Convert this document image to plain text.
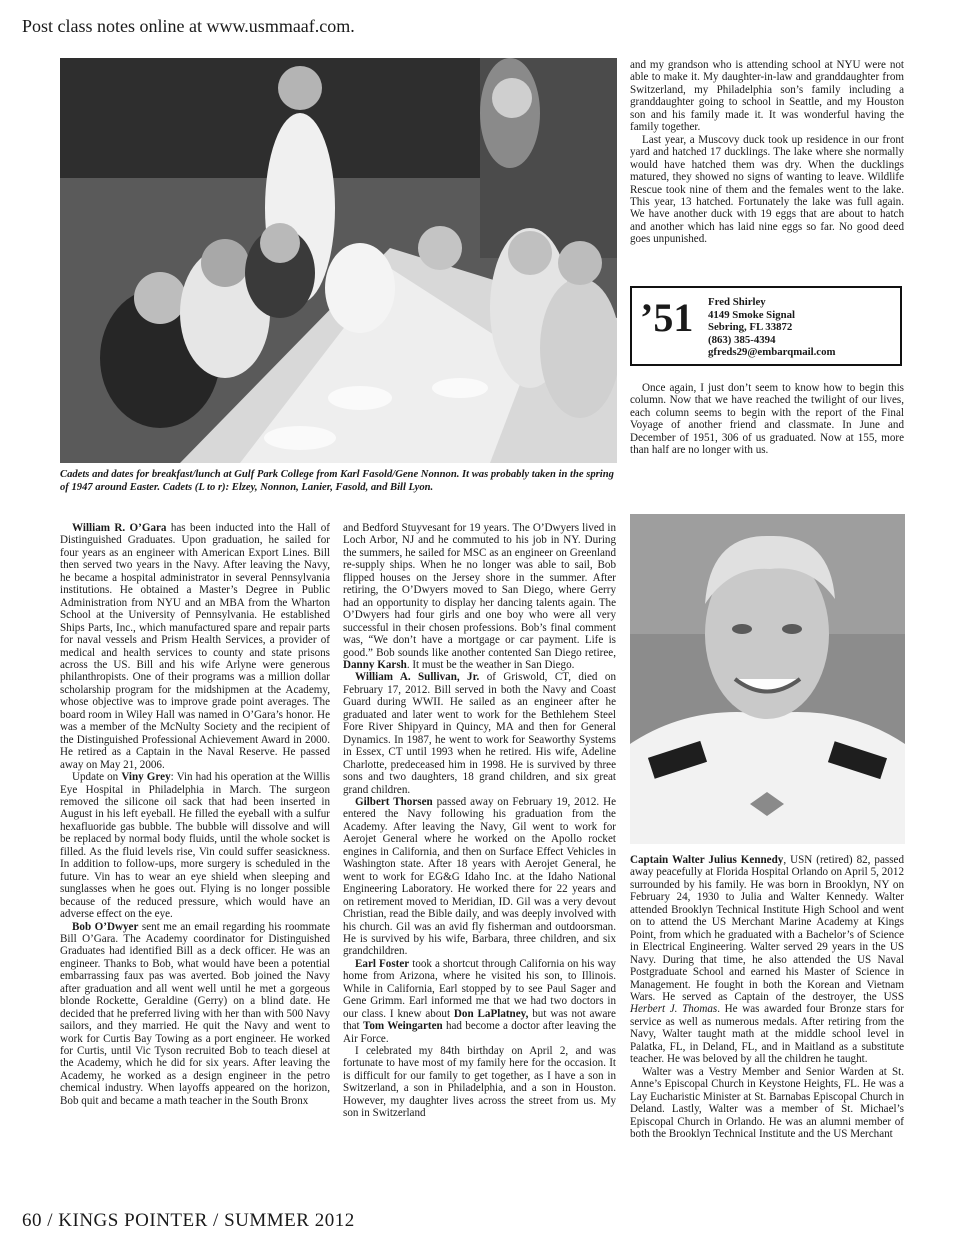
Post class notes online at www.usmmaaf.com.
Cadets and dates for breakfast/lunch at Gulf Park College from Karl Fasold/Gene Nonnon. It was probably taken in the spring of 1947 around Easter. Cadets (L to r): Elzey, Nonnon, Lanier, Fasold, and Bill Lyon.

William R. O’Gara has been inducted into the Hall of Distinguished Graduates. Upon graduation, he sailed for four years as an engineer with American Export Lines. Bill then served two years in the Navy. After leaving the Navy, he became a hospital administrator in several Pennsylvania institutions. He obtained a Master’s Degree in Public Administration from NYU and an MBA from the Wharton School at the University of Pennsylvania. He established Ships Parts, Inc., which manufactured spare and repair parts for naval vessels and Prism Health Services, a provider of medical and health services to county and state prisons across the US. Bill and his wife Arlyne were generous philanthropists. One of their programs was a million dollar scholarship program for the midshipmen at the Academy, whose objective was to improve grade point averages. The board room in Wiley Hall was named in O’Gara’s honor. He was a member of the McNulty Society and the recipient of the Distinguished Professional Achievement Award in 2000. He retired as a Captain in the Naval Reserve. He passed away on May 21, 2006.

Update on Viny Grey: Vin had his operation at the Willis Eye Hospital in Philadelphia in March. The surgeon removed the silicone oil sack that had been inserted in August in his left eyeball. He filled the eyeball with a sulfur hexafluoride gas bubble. The bubble will dissolve and will be replaced by normal body fluids, until the whole socket is filled. As the fluid levels rise, Vin could suffer seasickness. In addition to follow-ups, more surgery is scheduled in the future. Vin has to wear an eye shield when sleeping and sunglasses when he goes out. Flying is no longer possible because of the reduced pressure, which would have an adverse effect on the eye.

Bob O’Dwyer sent me an email regarding his roommate Bill O’Gara. The Academy coordinator for Distinguished Graduates had identified Bill as a deck officer. He was an engineer. Thanks to Bob, what would have been a potential embarrassing faux pas was averted. Bob joined the Navy after graduation and all went well until he met a gorgeous blonde Rockette, Geraldine (Gerry) on a blind date. He decided that he preferred living with her than with 500 Navy sailors, and they married. He quit the Navy and went to work for Curtis Bay Towing as a port engineer. He worked for Curtis, until Vic Tyson recruited Bob to teach diesel at the Academy, which he did for six years. After leaving the Academy, he worked as a design engineer in the petro chemical industry. When layoffs appeared on the horizon, Bob quit and became a math teacher in the South Bronx

and Bedford Stuyvesant for 19 years. The O’Dwyers lived in Loch Arbor, NJ and he commuted to his job in NY. During the summers, he sailed for MSC as an engineer on Greenland re-supply ships. When he no longer was able to sail, Bob flipped houses on the Jersey shore in the summer. After retiring, the O’Dwyers moved to San Diego, where Gerry had an opportunity to display her dancing talents again. The O’Dwyers had four girls and one boy who were all very successful in their chosen professions. Bob’s final comment was, “We don’t have a mortgage or car payment. Life is good.” Bob sounds like another contented San Diego retiree, Danny Karsh. It must be the weather in San Diego.

William A. Sullivan, Jr. of Griswold, CT, died on February 17, 2012. Bill served in both the Navy and Coast Guard during WWII. He sailed as an engineer after he graduated and later went to work for the Bethlehem Steel Fore River Shipyard in Quincy, MA and then for General Dynamics. In 1987, he went to work for Seaworthy Systems in Essex, CT until 1993 when he retired. His wife, Adeline Charlotte, predeceased him in 1998. He is survived by three sons and two daughters, 18 grand children, and six great grand children.

Gilbert Thorsen passed away on February 19, 2012. He entered the Navy following his graduation from the Academy. After leaving the Navy, Gil went to work for Aerojet General where he worked on the Apollo rocket engines in California, and then on Surface Effect Vehicles in Washington state. After 18 years with Aerojet General, he went to work for EG&G Idaho Inc. at the Idaho National Engineering Laboratory. He worked there for 22 years and on retirement moved to Meridian, ID. Gil was a very devout Christian, read the Bible daily, and was deeply involved with his church. Gil was an avid fly fisherman and outdoorsman. He is survived by his wife, Barbara, three children, and six grandchildren.

Earl Foster took a shortcut through California on his way home from Arizona, where he visited his son, to Illinois. While in California, Earl stopped by to see Paul Sager and Gene Grimm. Earl informed me that we had two doctors in our class. I knew about Don LaPlatney, but was not aware that Tom Weingarten had become a doctor after leaving the Air Force.

I celebrated my 84th birthday on April 2, and was fortunate to have most of my family here for the occasion. It is difficult for our family to get together, as I have a son in Switzerland, a son in Philadelphia, and a son in Houston. However, my daughter lives across the street from us. My son in Switzerland

and my grandson who is attending school at NYU were not able to make it. My daughter-in-law and granddaughter from Switzerland, my Philadelphia son’s family including a granddaughter going to school in Seattle, and my Houston son and his family made it. It was wonderful having the family together.

Last year, a Muscovy duck took up residence in our front yard and hatched 17 ducklings. The lake where she normally would have hatched them was dry. When the ducklings matured, they showed no signs of wanting to leave. Wildlife Rescue took nine of them and the females went to the lake. This year, 13 hatched. Fortunately the lake was full again. We have another duck with 19 eggs that are about to hatch and another which has laid nine eggs so far. No good deed goes unpunished.

’51 Fred Shirley
4149 Smoke Signal
Sebring, FL 33872
(863) 385-4394
gfreds29@embarqmail.com

Once again, I just don’t seem to know how to begin this column. Now that we have reached the twilight of our lives, each column seems to begin with the report of the Final Voyage of another friend and classmate. In June and December of 1951, 306 of us graduated. Now at 155, more than half are no longer with us.

Captain Walter Julius Kennedy, USN (retired) 82, passed away peacefully at Florida Hospital Orlando on April 5, 2012 surrounded by his family. He was born in Brooklyn, NY on February 24, 1930 to Julia and Walter Kennedy. Walter attended Brooklyn Technical Institute High School and went on to attend the US Merchant Marine Academy at Kings Point, from which he graduated with a Bachelor’s of Science in Electrical Engineering. Walter served 29 years in the US Navy. During that time, he also attended the US Naval Postgraduate School and earned his Master of Science in Management. He fought in both the Korean and Vietnam Wars. He served as Captain of the destroyer, the USS Herbert J. Thomas. He was awarded four Bronze stars for service as well as numerous medals. After retiring from the Navy, Walter taught math at the middle school level in Palatka, FL, in Deland, FL, and in Maitland as a substitute teacher. He was beloved by all the children he taught.

Walter was a Vestry Member and Senior Warden at St. Anne’s Episcopal Church in Keystone Heights, FL. He was a Lay Eucharistic Minister at St. Barnabas Episcopal Church in Deland. Lastly, Walter was a member of St. Michael’s Episcopal Church in Orlando. He was an alumni member of both the Brooklyn Technical Institute and the US Merchant

60 / KINGS POINTER / SUMMER 2012
